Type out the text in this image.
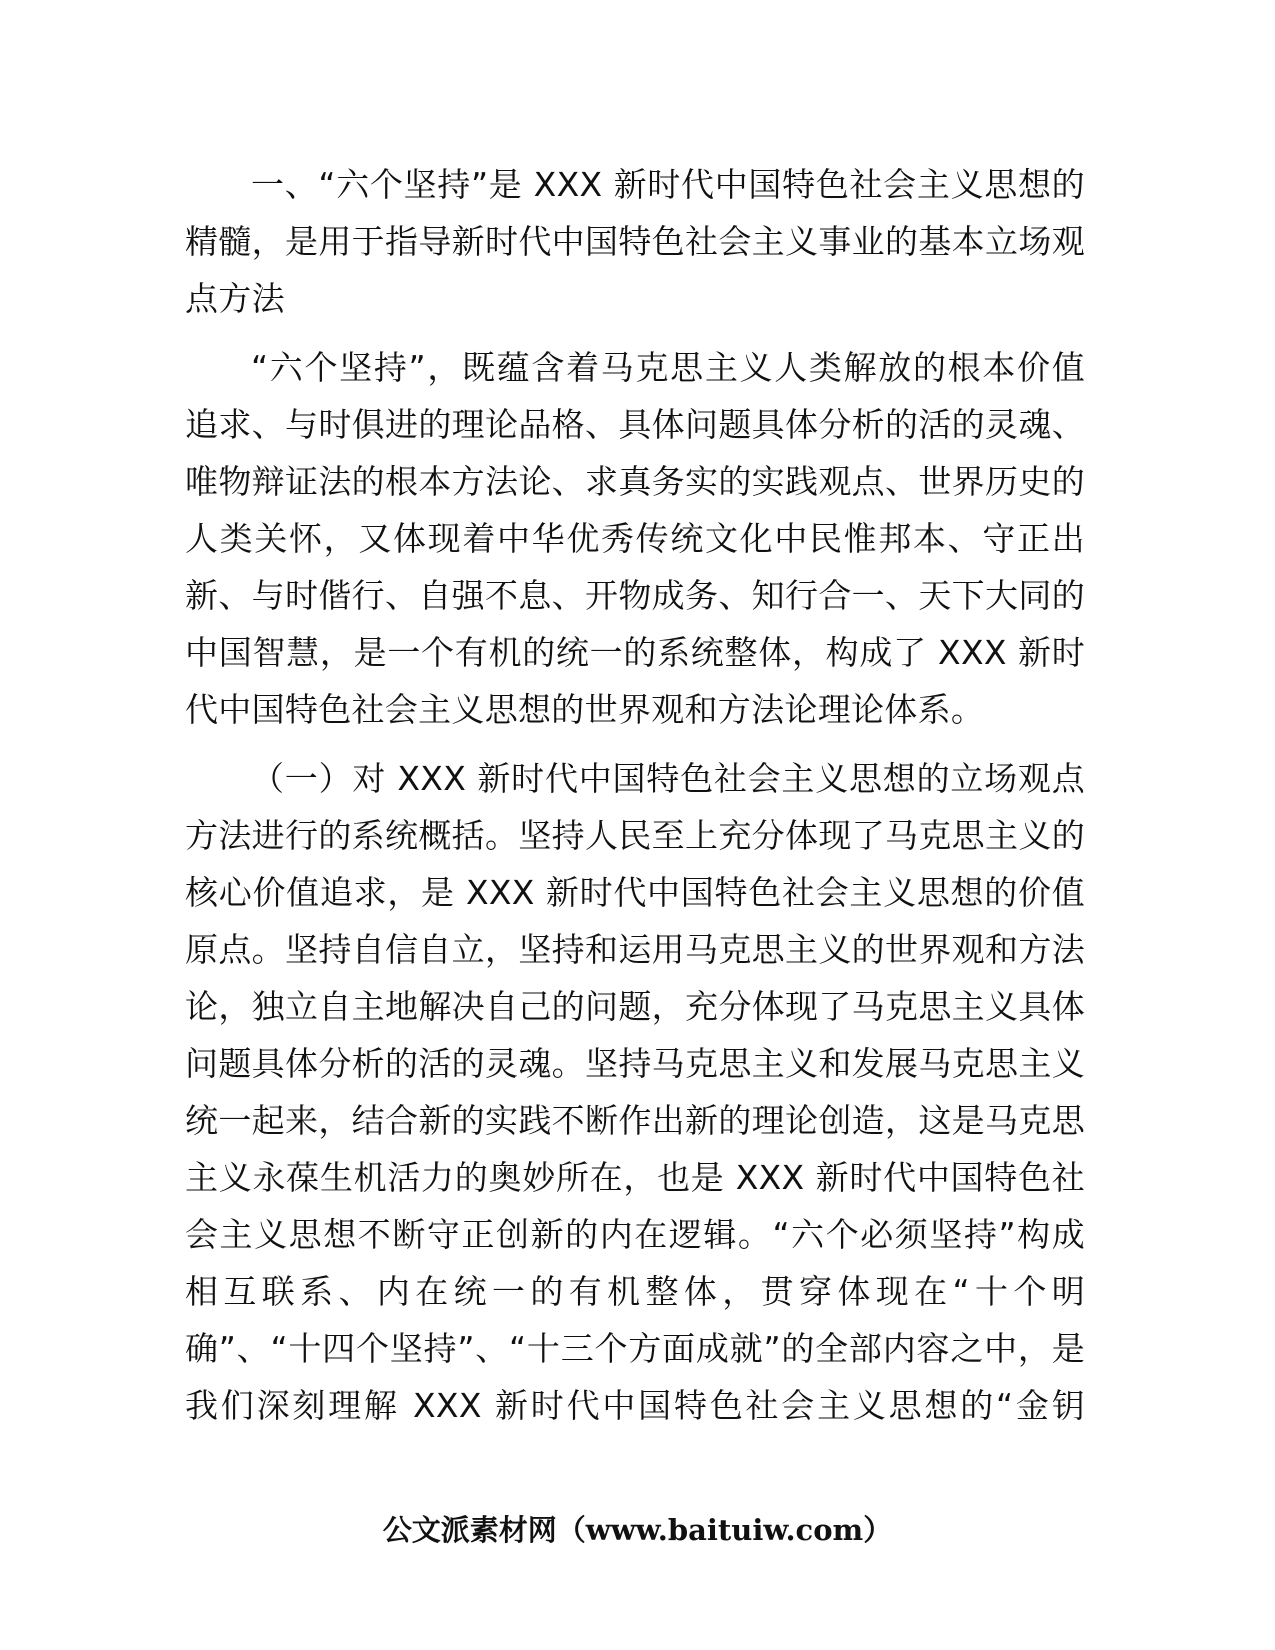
一、“六个坚持”是 XXX 新时代中国特色社会主义思想的
精髓，是用于指导新时代中国特色社会主义事业的基本立场观
点方法
“六个坚持”，既蕴含着马克思主义人类解放的根本价值
追求、与时俱进的理论品格、具体问题具体分析的活的灵魂、
唯物辩证法的根本方法论、求真务实的实践观点、世界历史的
人类关怀，又体现着中华优秀传统文化中民惟邦本、守正出
新、与时偕行、自强不息、开物成务、知行合一、天下大同的
中国智慧，是一个有机的统一的系统整体，构成了 XXX 新时
代中国特色社会主义思想的世界观和方法论理论体系。
（一）对 XXX 新时代中国特色社会主义思想的立场观点
方法进行的系统概括。坚持人民至上充分体现了马克思主义的
核心价值追求，是 XXX 新时代中国特色社会主义思想的价值
原点。坚持自信自立，坚持和运用马克思主义的世界观和方法
论，独立自主地解决自己的问题，充分体现了马克思主义具体
问题具体分析的活的灵魂。坚持马克思主义和发展马克思主义
统一起来，结合新的实践不断作出新的理论创造，这是马克思
主义永葆生机活力的奥妙所在，也是 XXX 新时代中国特色社
会主义思想不断守正创新的内在逻辑。“六个必须坚持”构成
相互联系、内在统一的有机整体，贯穿体现在“十个明
确”、“十四个坚持”、“十三个方面成就”的全部内容之中，是
我们深刻理解 XXX 新时代中国特色社会主义思想的“金钥
公文派素材网（www.baituiw.com）
